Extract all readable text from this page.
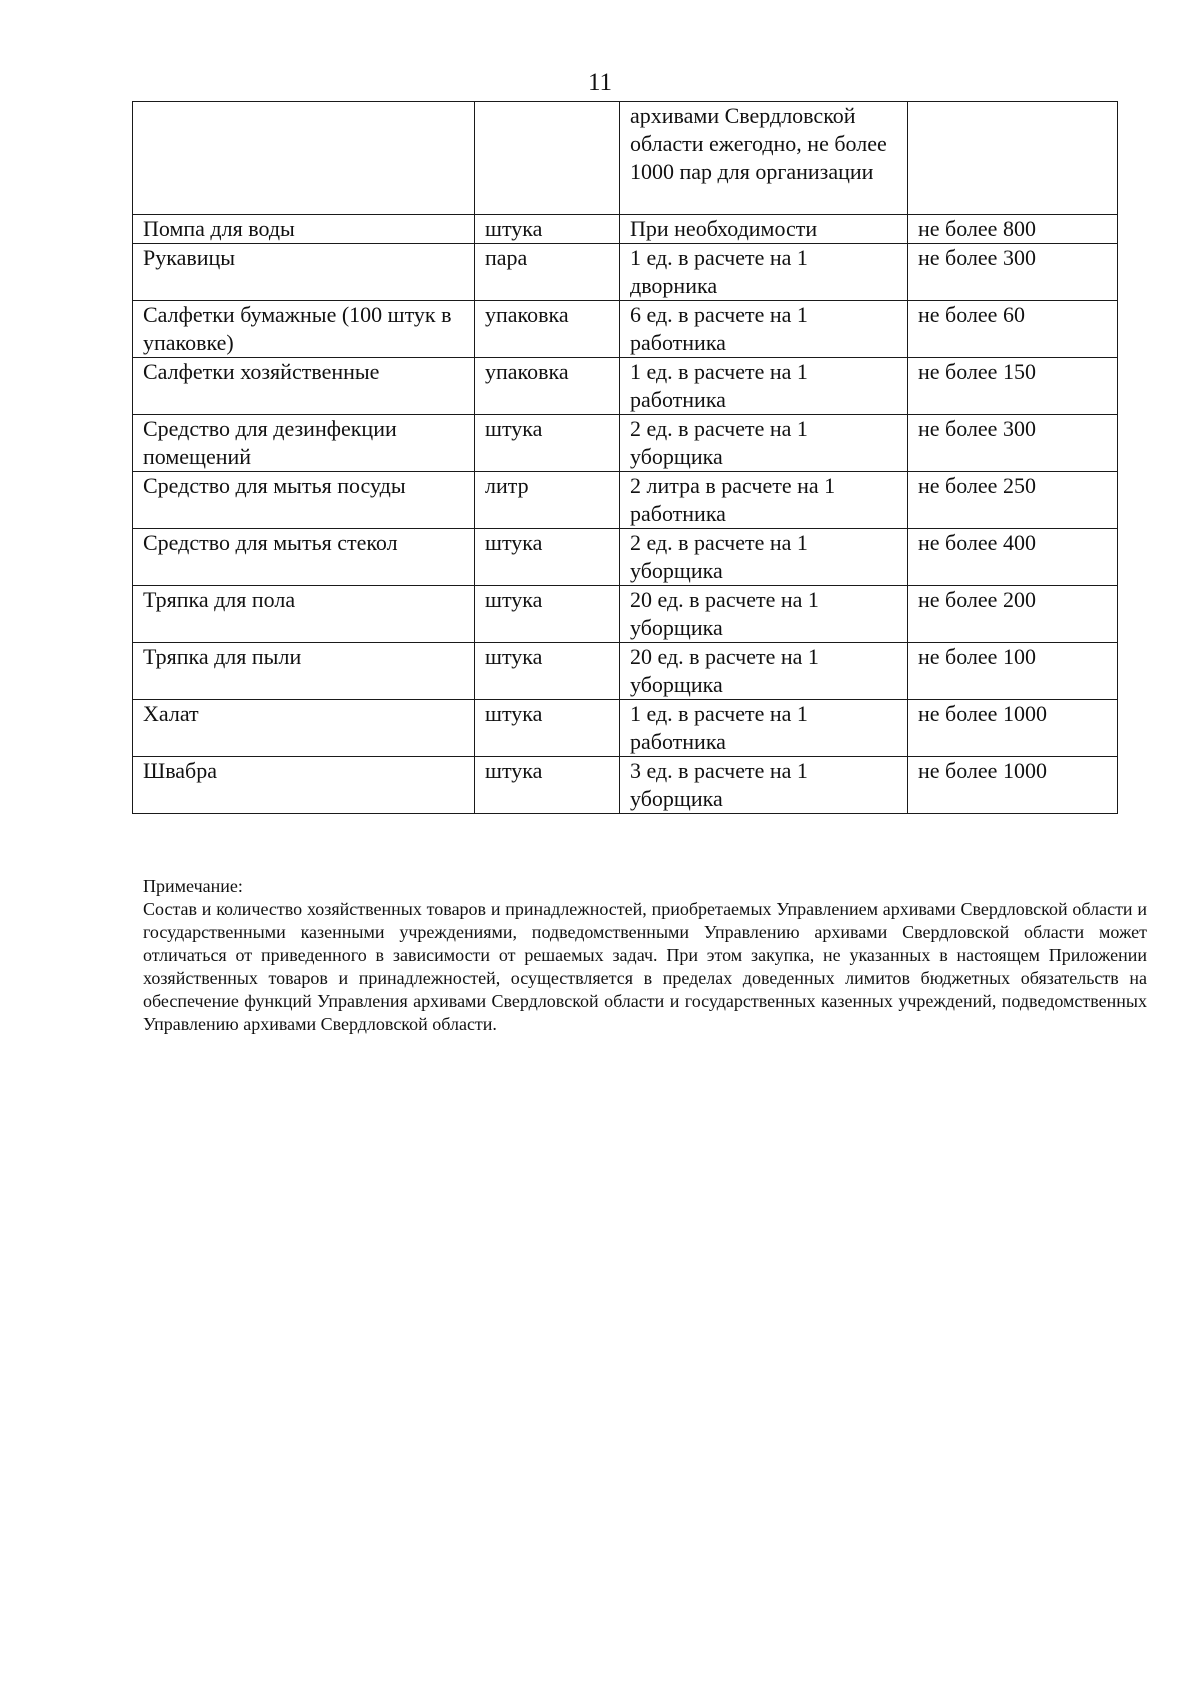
11
		архивами Свердловской области ежегодно, не более 1000 пар для организации	
Помпа для воды	штука	При необходимости	не более 800
Рукавицы	пара	1 ед. в расчете на 1 дворника	не более 300
Салфетки бумажные (100 штук в упаковке)	упаковка	6 ед. в расчете на 1 работника	не более 60
Салфетки хозяйственные	упаковка	1 ед. в расчете на 1 работника	не более 150
Средство для дезинфекции помещений	штука	2 ед. в расчете на 1 уборщика	не более 300
Средство для мытья посуды	литр	2 литра в расчете на 1 работника	не более 250
Средство для мытья стекол	штука	2 ед. в расчете на 1 уборщика	не более 400
Тряпка для пола	штука	20 ед. в расчете на 1 уборщика	не более 200
Тряпка для пыли	штука	20 ед. в расчете на 1 уборщика	не более 100
Халат	штука	1 ед. в расчете на 1 работника	не более 1000
Швабра	штука	3 ед. в расчете на 1 уборщика	не более 1000
Примечание:
Состав и количество хозяйственных товаров и принадлежностей, приобретаемых Управлением архивами Свердловской области и государственными казенными учреждениями, подведомственными Управлению архивами Свердловской области может отличаться от приведенного в зависимости от решаемых задач. При этом закупка, не указанных в настоящем Приложении хозяйственных товаров и принадлежностей, осуществляется в пределах доведенных лимитов бюджетных обязательств на обеспечение функций Управления архивами Свердловской области и государственных казенных учреждений, подведомственных Управлению архивами Свердловской области.
